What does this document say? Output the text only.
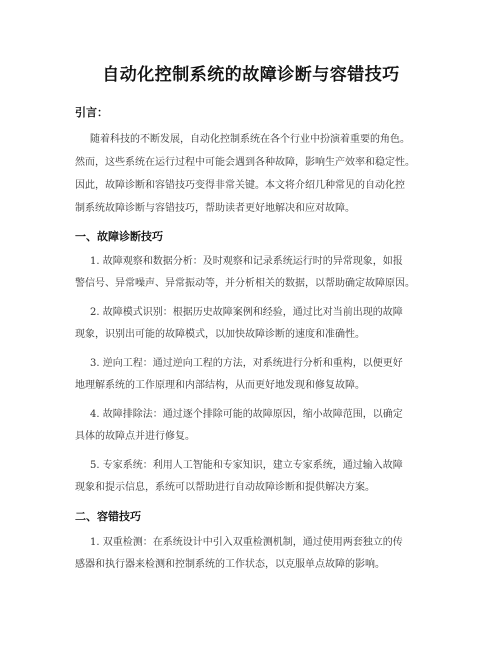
自动化控制系统的故障诊断与容错技巧
引言：
随着科技的不断发展，自动化控制系统在各个行业中扮演着重要的角色。
然而，这些系统在运行过程中可能会遇到各种故障，影响生产效率和稳定性。
因此，故障诊断和容错技巧变得非常关键。本文将介绍几种常见的自动化控
制系统故障诊断与容错技巧，帮助读者更好地解决和应对故障。
一、故障诊断技巧
1. 故障观察和数据分析：及时观察和记录系统运行时的异常现象，如报
警信号、异常噪声、异常振动等，并分析相关的数据，以帮助确定故障原因。
2. 故障模式识别：根据历史故障案例和经验，通过比对当前出现的故障
现象，识别出可能的故障模式，以加快故障诊断的速度和准确性。
3. 逆向工程：通过逆向工程的方法，对系统进行分析和重构，以便更好
地理解系统的工作原理和内部结构，从而更好地发现和修复故障。
4. 故障排除法：通过逐个排除可能的故障原因，缩小故障范围，以确定
具体的故障点并进行修复。
5. 专家系统：利用人工智能和专家知识，建立专家系统，通过输入故障
现象和提示信息，系统可以帮助进行自动故障诊断和提供解决方案。
二、容错技巧
1. 双重检测：在系统设计中引入双重检测机制，通过使用两套独立的传
感器和执行器来检测和控制系统的工作状态，以克服单点故障的影响。
